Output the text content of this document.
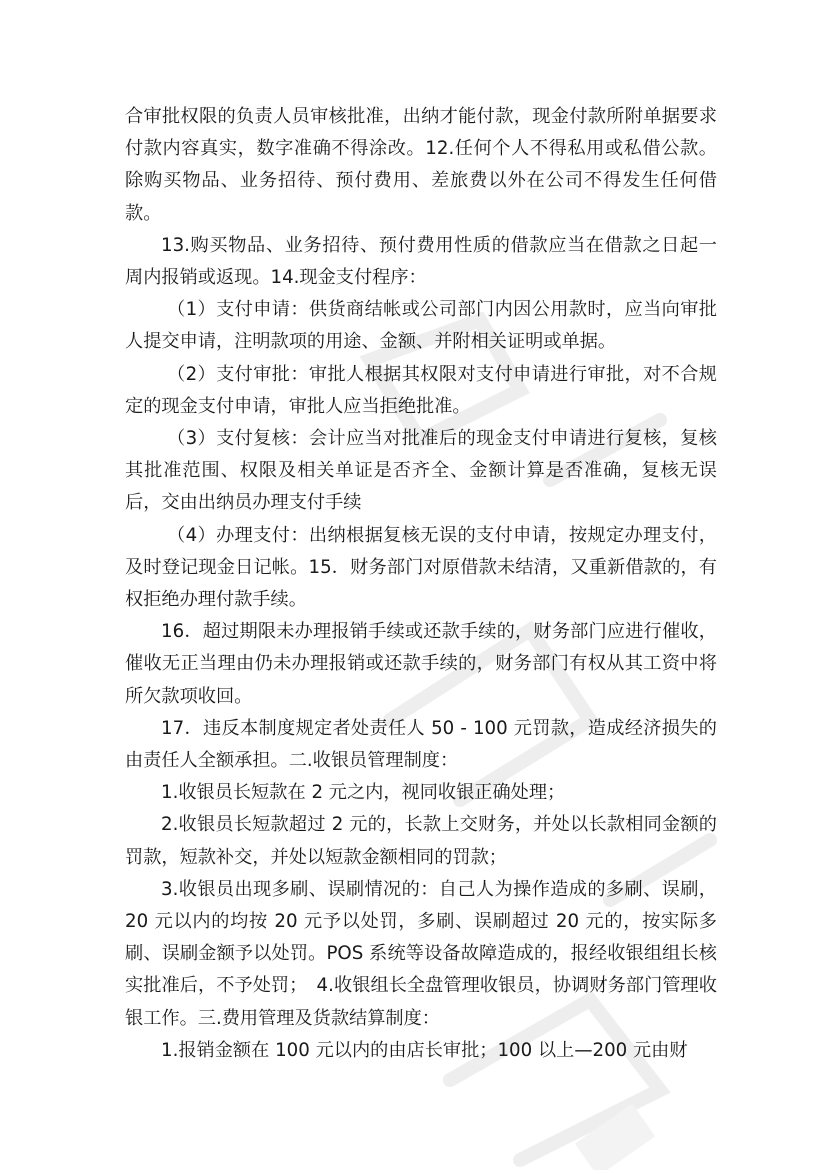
合审批权限的负责人员审核批准，出纳才能付款，现金付款所附单据要求付款内容真实，数字准确不得涂改。12.任何个人不得私用或私借公款。除购买物品、业务招待、预付费用、差旅费以外在公司不得发生任何借款。

13.购买物品、业务招待、预付费用性质的借款应当在借款之日起一周内报销或返现。14.现金支付程序：

（1）支付申请：供货商结帐或公司部门内因公用款时，应当向审批人提交申请，注明款项的用途、金额、并附相关证明或单据。

（2）支付审批：审批人根据其权限对支付申请进行审批，对不合规定的现金支付申请，审批人应当拒绝批准。

（3）支付复核：会计应当对批准后的现金支付申请进行复核，复核其批准范围、权限及相关单证是否齐全、金额计算是否准确，复核无误后，交由出纳员办理支付手续

（4）办理支付：出纳根据复核无误的支付申请，按规定办理支付，及时登记现金日记帐。15．财务部门对原借款未结清，又重新借款的，有权拒绝办理付款手续。

16．超过期限未办理报销手续或还款手续的，财务部门应进行催收，催收无正当理由仍未办理报销或还款手续的，财务部门有权从其工资中将所欠款项收回。

17．违反本制度规定者处责任人 50 - 100 元罚款，造成经济损失的由责任人全额承担。二.收银员管理制度：

1.收银员长短款在 2 元之内，视同收银正确处理；

2.收银员长短款超过 2 元的，长款上交财务，并处以长款相同金额的罚款，短款补交，并处以短款金额相同的罚款；

3.收银员出现多刷、误刷情况的：自己人为操作造成的多刷、误刷，20 元以内的均按 20 元予以处罚，多刷、误刷超过 20 元的，按实际多刷、误刷金额予以处罚。POS 系统等设备故障造成的，报经收银组组长核实批准后，不予处罚；　4.收银组长全盘管理收银员，协调财务部门管理收银工作。三.费用管理及货款结算制度：

1.报销金额在 100 元以内的由店长审批；100 以上—200 元由财
